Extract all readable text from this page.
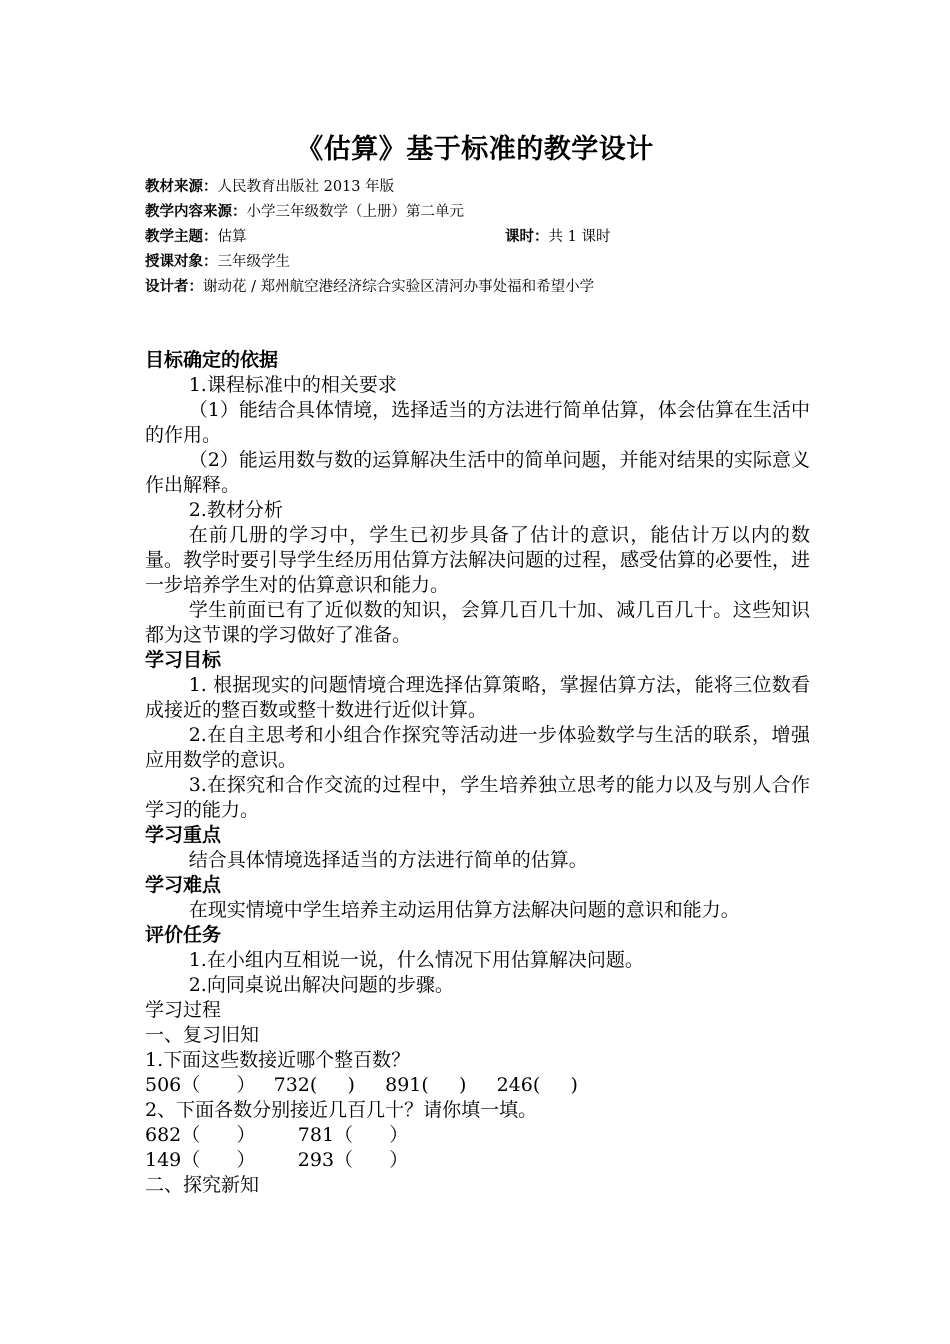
《估算》基于标准的教学设计
教材来源：人民教育出版社 2013 年版
教学内容来源：小学三年级数学（上册）第二单元
教学主题：估算	课时：共 1 课时
授课对象：三年级学生
设计者：谢动花 / 郑州航空港经济综合实验区清河办事处福和希望小学

目标确定的依据

1.课程标准中的相关要求

（1）能结合具体情境，选择适当的方法进行简单估算，体会估算在生活中的作用。

（2）能运用数与数的运算解决生活中的简单问题，并能对结果的实际意义作出解释。

2.教材分析

在前几册的学习中，学生已初步具备了估计的意识，能估计万以内的数量。教学时要引导学生经历用估算方法解决问题的过程，感受估算的必要性，进一步培养学生对的估算意识和能力。

学生前面已有了近似数的知识，会算几百几十加、减几百几十。这些知识都为这节课的学习做好了准备。

学习目标

1. 根据现实的问题情境合理选择估算策略，掌握估算方法，能将三位数看成接近的整百数或整十数进行近似计算。

2.在自主思考和小组合作探究等活动进一步体验数学与生活的联系，增强应用数学的意识。

3.在探究和合作交流的过程中，学生培养独立思考的能力以及与别人合作学习的能力。

学习重点

结合具体情境选择适当的方法进行简单的估算。

学习难点

在现实情境中学生培养主动运用估算方法解决问题的意识和能力。

评价任务

1.在小组内互相说一说，什么情况下用估算解决问题。

2.向同桌说出解决问题的步骤。

学习过程

一、复习旧知

1.下面这些数接近哪个整百数？

506（      ）   732(     )     891(     )     246(     )

2、下面各数分别接近几百几十？请你填一填。

682（      ）       781（      ）

149（      ）       293（      ）

二、探究新知
